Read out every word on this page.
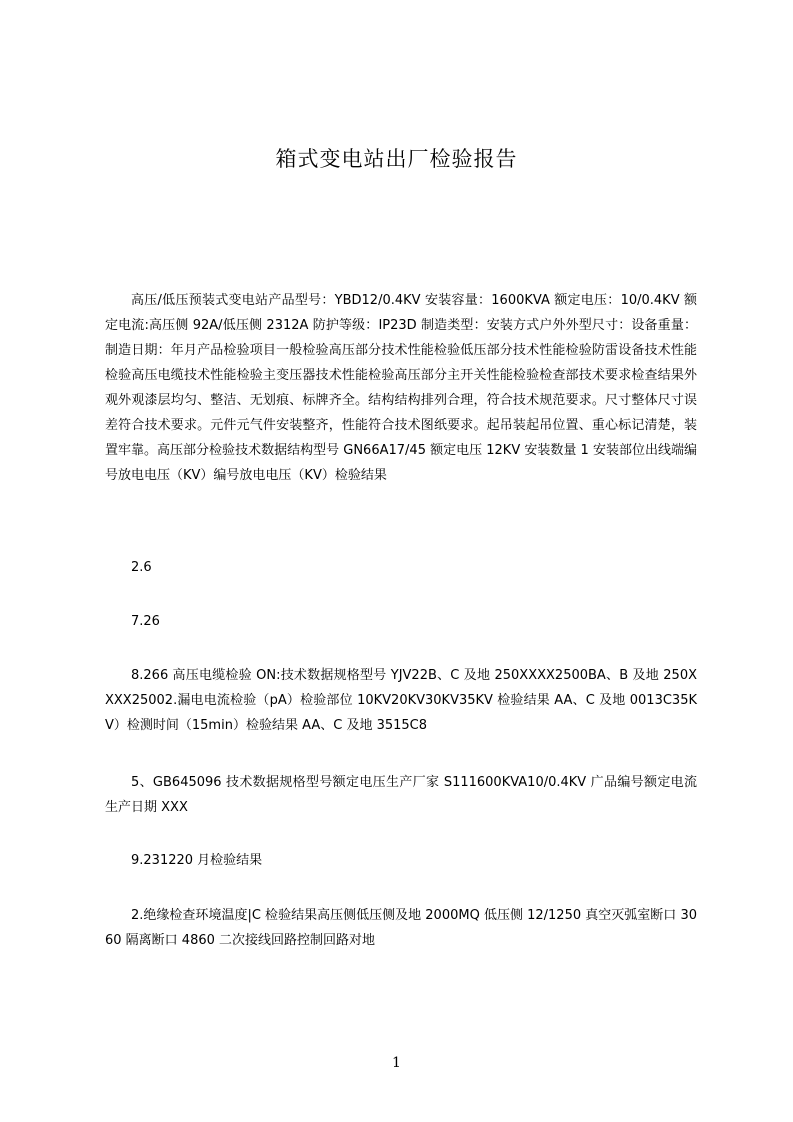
箱式变电站出厂检验报告

高压/低压预装式变电站产品型号：YBD12/0.4KV 安装容量：1600KVA 额定电压：10/0.4KV 额定电流:高压侧 92A/低压侧 2312A 防护等级：IP23D 制造类型：安装方式户外外型尺寸：设备重量：制造日期：年月产品检验项目一般检验高压部分技术性能检验低压部分技术性能检验防雷设备技术性能检验高压电缆技术性能检验主变压器技术性能检验高压部分主开关性能检验检查部技术要求检查结果外观外观漆层均匀、整洁、无划痕、标牌齐全。结构结构排列合理，符合技术规范要求。尺寸整体尺寸误差符合技术要求。元件元气件安装整齐，性能符合技术图纸要求。起吊装起吊位置、重心标记清楚，装置牢靠。高压部分检验技术数据结构型号 GN66A17/45 额定电压 12KV 安装数量 1 安装部位出线端编号放电电压（KV）编号放电电压（KV）检验结果

2.6

7.26

8.266 高压电缆检验 ON:技术数据规格型号 YJV22B、C 及地 250XXXX2500BA、B 及地 250XXXX25002.漏电电流检验（pA）检验部位 10KV20KV30KV35KV 检验结果 AA、C 及地 0013C35KV）检测时间（15min）检验结果 AA、C 及地 3515C8

5、GB645096 技术数据规格型号额定电压生产厂家 S111600KVA10/0.4KV 广品编号额定电流生产日期 XXX

9.231220 月检验结果

2.绝缘检查环境温度|C 检验结果高压侧低压侧及地 2000MQ 低压侧 12/1250 真空灭弧室断口 3060 隔离断口 4860 二次接线回路控制回路对地

1
